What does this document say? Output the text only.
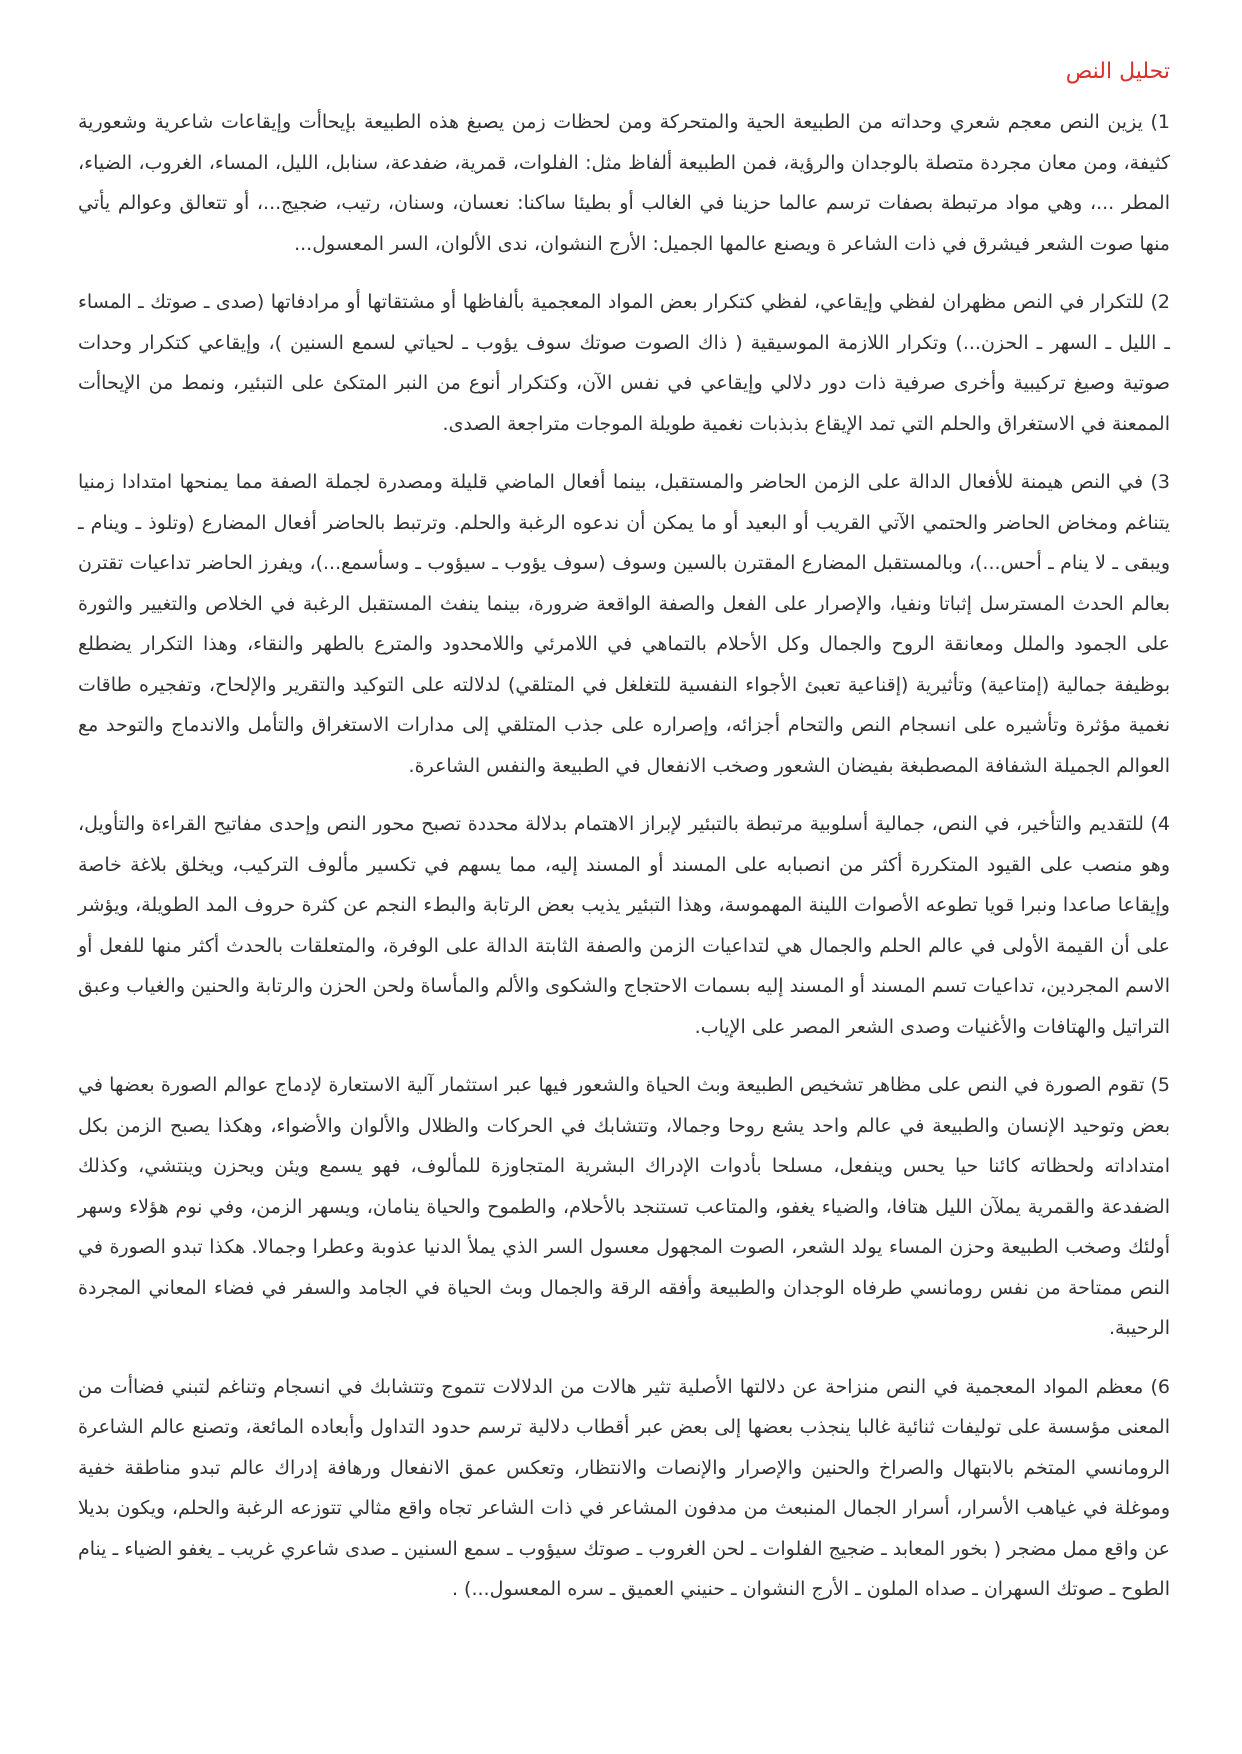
تحليل النص

1) يزين النص معجم شعري وحداته من الطبيعة الحية والمتحركة ومن لحظات زمن يصبغ هذه الطبيعة بإيحاأت وإيقاعات شاعرية وشعورية كثيفة، ومن معان مجردة متصلة بالوجدان والرؤية، فمن الطبيعة ألفاظ مثل: الفلوات، قمرية، ضفدعة، سنابل، الليل، المساء، الغروب، الضياء، المطر ...، وهي مواد مرتبطة بصفات ترسم عالما حزينا في الغالب أو بطيئا ساكنا: نعسان، وسنان، رتيب، ضجيج...، أو تتعالق وعوالم يأتي منها صوت الشعر فيشرق في ذات الشاعر ة ويصنع عالمها الجميل: الأرج النشوان، ندى الألوان، السر المعسول...

2) للتكرار في النص مظهران لفظي وإيقاعي، لفظي كتكرار بعض المواد المعجمية بألفاظها أو مشتقاتها أو مرادفاتها (صدى ـ صوتك ـ المساء ـ الليل ـ السهر ـ الحزن...) وتكرار اللازمة الموسيقية ( ذاك الصوت صوتك سوف يؤوب ـ لحياتي لسمع السنين )، وإيقاعي كتكرار وحدات صوتية وصيغ تركيبية وأخرى صرفية ذات دور دلالي وإيقاعي في نفس الآن، وكتكرار أنوع من النبر المتكئ على التبئير، ونمط من الإيحاأت الممعنة في الاستغراق والحلم التي تمد الإيقاع بذبذبات نغمية طويلة الموجات متراجعة الصدى.

3) في النص هيمنة للأفعال الدالة على الزمن الحاضر والمستقبل، بينما أفعال الماضي قليلة ومصدرة لجملة الصفة مما يمنحها امتدادا زمنيا يتناغم ومخاض الحاضر والحتمي الآتي القريب أو البعيد أو ما يمكن أن ندعوه الرغبة والحلم. وترتبط بالحاضر أفعال المضارع (وتلوذ ـ وينام ـ ويبقى ـ لا ينام ـ أحس...)، وبالمستقبل المضارع المقترن بالسين وسوف (سوف يؤوب ـ سيؤوب ـ وسأسمع...)، ويفرز الحاضر تداعيات تقترن بعالم الحدث المسترسل إثباتا ونفيا، والإصرار على الفعل والصفة الواقعة ضرورة، بينما ينفث المستقبل الرغبة في الخلاص والتغيير والثورة على الجمود والملل ومعانقة الروح والجمال وكل الأحلام بالتماهي في اللامرئي واللامحدود والمترع بالطهر والنقاء، وهذا التكرار يضطلع بوظيفة جمالية (إمتاعية) وتأثيرية (إقناعية تعبئ الأجواء النفسية للتغلغل في المتلقي) لدلالته على التوكيد والتقرير والإلحاح، وتفجيره طاقات نغمية مؤثرة وتأشيره على انسجام النص والتحام أجزائه، وإصراره على جذب المتلقي إلى مدارات الاستغراق والتأمل والاندماج والتوحد مع العوالم الجميلة الشفافة المصطبغة بفيضان الشعور وصخب الانفعال في الطبيعة والنفس الشاعرة.

4) للتقديم والتأخير، في النص، جمالية أسلوبية مرتبطة بالتبئير لإبراز الاهتمام بدلالة محددة تصبح محور النص وإحدى مفاتيح القراءة والتأويل، وهو منصب على القيود المتكررة أكثر من انصبابه على المسند أو المسند إليه، مما يسهم في تكسير مألوف التركيب، ويخلق بلاغة خاصة وإيقاعا صاعدا ونبرا قويا تطوعه الأصوات اللينة المهموسة، وهذا التبئير يذيب بعض الرتابة والبطء النجم عن كثرة حروف المد الطويلة، ويؤشر على أن القيمة الأولى في عالم الحلم والجمال هي لتداعيات الزمن والصفة الثابتة الدالة على الوفرة، والمتعلقات بالحدث أكثر منها للفعل أو الاسم المجردين، تداعيات تسم المسند أو المسند إليه بسمات الاحتجاج والشكوى والألم والمأساة ولحن الحزن والرتابة والحنين والغياب وعبق التراتيل والهتافات والأغنيات وصدى الشعر المصر على الإياب.

5) تقوم الصورة في النص على مظاهر تشخيص الطبيعة وبث الحياة والشعور فيها عبر استثمار آلية الاستعارة لإدماج عوالم الصورة بعضها في بعض وتوحيد الإنسان والطبيعة في عالم واحد يشع روحا وجمالا، وتتشابك في الحركات والظلال والألوان والأضواء، وهكذا يصبح الزمن بكل امتداداته ولحظاته كائنا حيا يحس وينفعل، مسلحا بأدوات الإدراك البشرية المتجاوزة للمألوف، فهو يسمع ويئن ويحزن وينتشي، وكذلك الضفدعة والقمرية يملآن الليل هتافا، والضياء يغفو، والمتاعب تستنجد بالأحلام، والطموح والحياة ينامان، ويسهر الزمن، وفي نوم هؤلاء وسهر أولئك وصخب الطبيعة وحزن المساء يولد الشعر، الصوت المجهول معسول السر الذي يملأ الدنيا عذوبة وعطرا وجمالا. هكذا تبدو الصورة في النص ممتاحة من نفس رومانسي طرفاه الوجدان والطبيعة وأفقه الرقة والجمال وبث الحياة في الجامد والسفر في فضاء المعاني المجردة الرحيبة.

6) معظم المواد المعجمية في النص منزاحة عن دلالتها الأصلية تثير هالات من الدلالات تتموج وتتشابك في انسجام وتناغم لتبني فضاأت من المعنى مؤسسة على توليفات ثنائية غالبا ينجذب بعضها إلى بعض عبر أقطاب دلالية ترسم حدود التداول وأبعاده المائعة، وتصنع عالم الشاعرة الرومانسي المتخم بالابتهال والصراخ والحنين والإصرار والإنصات والانتظار، وتعكس عمق الانفعال ورهافة إدراك عالم تبدو مناطقة خفية وموغلة في غياهب الأسرار، أسرار الجمال المنبعث من مدفون المشاعر في ذات الشاعر تجاه واقع مثالي تتوزعه الرغبة والحلم، ويكون بديلا عن واقع ممل مضجر ( بخور المعابد ـ ضجيج الفلوات ـ لحن الغروب ـ صوتك سيؤوب ـ سمع السنين ـ صدى شاعري غريب ـ يغفو الضياء ـ ينام الطوح ـ صوتك السهران ـ صداه الملون ـ الأرج النشوان ـ حنيني العميق ـ سره المعسول...) .
